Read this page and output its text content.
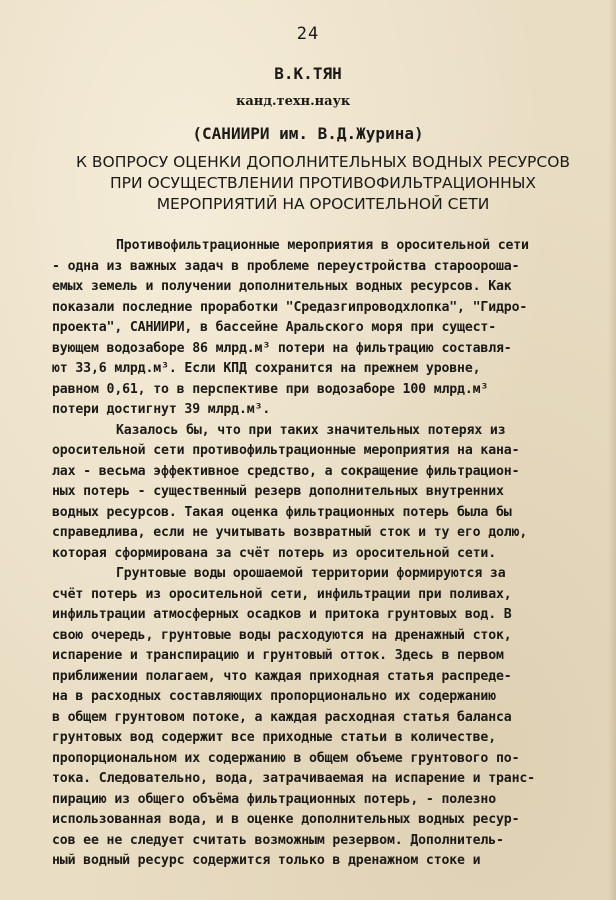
24
В.К.ТЯН
канд.техн.наук
(САНИИРИ им. В.Д.Журина)
К ВОПРОСУ ОЦЕНКИ ДОПОЛНИТЕЛЬНЫХ ВОДНЫХ РЕСУРСОВ
ПРИ ОСУЩЕСТВЛЕНИИ ПРОТИВОФИЛЬТРАЦИОННЫХ
МЕРОПРИЯТИЙ НА ОРОСИТЕЛЬНОЙ СЕТИ
Противофильтрационные мероприятия в оросительной сети
- одна из важных задач в проблеме переустройства староороша-
емых земель и получении дополнительных водных ресурсов. Как
показали последние проработки "Средазгипроводхлопка", "Гидро-
проекта", САНИИРИ, в бассейне Аральского моря при сущест-
вующем водозаборе 86 млрд.м³ потери на фильтрацию составля-
ют 33,6 млрд.м³. Если КПД сохранится на прежнем уровне,
равном 0,61, то в перспективе при водозаборе 100 млрд.м³
потери достигнут 39 млрд.м³.
Казалось бы, что при таких значительных потерях из
оросительной сети противофильтрационные мероприятия на кана-
лах - весьма эффективное средство, а сокращение фильтрацион-
ных потерь - существенный резерв дополнительных внутренних
водных ресурсов. Такая оценка фильтрационных потерь была бы
справедлива, если не учитывать возвратный сток и ту его долю,
которая сформирована за счёт потерь из оросительной сети.
Грунтовые воды орошаемой территории формируются за
счёт потерь из оросительной сети, инфильтрации при поливах,
инфильтрации атмосферных осадков и притока грунтовых вод. В
свою очередь, грунтовые воды расходуются на дренажный сток,
испарение и транспирацию и грунтовый отток. Здесь в первом
приближении полагаем, что каждая приходная статья распреде-
на в расходных составляющих пропорционально их содержанию
в общем грунтовом потоке, а каждая расходная статья баланса
грунтовых вод содержит все приходные статьи в количестве,
пропорциональном их содержанию в общем объеме грунтового по-
тока. Следовательно, вода, затрачиваемая на испарение и транс-
пирацию из общего объёма фильтрационных потерь, - полезно
использованная вода, и в оценке дополнительных водных ресур-
сов ее не следует считать возможным резервом. Дополнитель-
ный водный ресурс содержится только в дренажном стоке и
